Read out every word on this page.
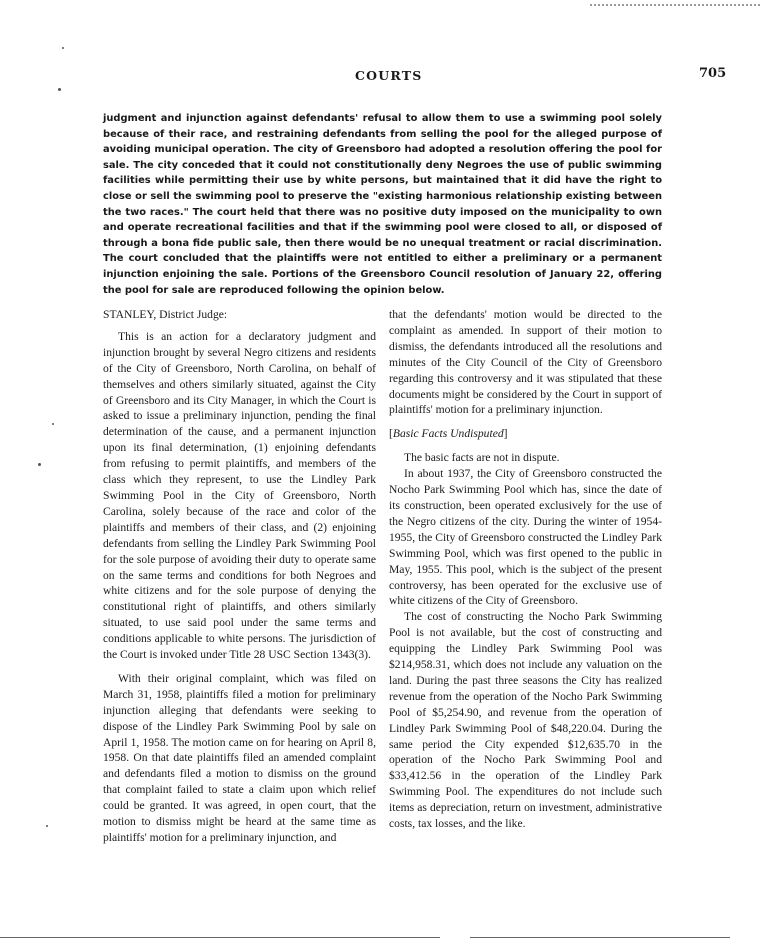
COURTS	705

judgment and injunction against defendants' refusal to allow them to use a swimming pool solely because of their race, and restraining defendants from selling the pool for the alleged purpose of avoiding municipal operation. The city of Greensboro had adopted a resolution offering the pool for sale. The city conceded that it could not constitutionally deny Negroes the use of public swimming facilities while permitting their use by white persons, but maintained that it did have the right to close or sell the swimming pool to preserve the "existing harmonious relationship existing between the two races." The court held that there was no positive duty imposed on the municipality to own and operate recreational facilities and that if the swimming pool were closed to all, or disposed of through a bona fide public sale, then there would be no unequal treatment or racial discrimination. The court concluded that the plaintiffs were not entitled to either a preliminary or a permanent injunction enjoining the sale. Portions of the Greensboro Council resolution of January 22, offering the pool for sale are reproduced following the opinion below.

STANLEY, District Judge:

This is an action for a declaratory judgment and injunction brought by several Negro citizens and residents of the City of Greensboro, North Carolina, on behalf of themselves and others similarly situated, against the City of Greensboro and its City Manager, in which the Court is asked to issue a preliminary injunction, pending the final determination of the cause, and a permanent injunction upon its final determination, (1) enjoining defendants from refusing to permit plaintiffs, and members of the class which they represent, to use the Lindley Park Swimming Pool in the City of Greensboro, North Carolina, solely because of the race and color of the plaintiffs and members of their class, and (2) enjoining defendants from selling the Lindley Park Swimming Pool for the sole purpose of avoiding their duty to operate same on the same terms and conditions for both Negroes and white citizens and for the sole purpose of denying the constitutional right of plaintiffs, and others similarly situated, to use said pool under the same terms and conditions applicable to white persons. The jurisdiction of the Court is invoked under Title 28 USC Section 1343(3).

With their original complaint, which was filed on March 31, 1958, plaintiffs filed a motion for preliminary injunction alleging that defendants were seeking to dispose of the Lindley Park Swimming Pool by sale on April 1, 1958. The motion came on for hearing on April 8, 1958. On that date plaintiffs filed an amended complaint and defendants filed a motion to dismiss on the ground that complaint failed to state a claim upon which relief could be granted. It was agreed, in open court, that the motion to dismiss might be heard at the same time as plaintiffs' motion for a preliminary injunction, and

that the defendants' motion would be directed to the complaint as amended. In support of their motion to dismiss, the defendants introduced all the resolutions and minutes of the City Council of the City of Greensboro regarding this controversy and it was stipulated that these documents might be considered by the Court in support of plaintiffs' motion for a preliminary injunction.

[Basic Facts Undisputed]

The basic facts are not in dispute.

In about 1937, the City of Greensboro constructed the Nocho Park Swimming Pool which has, since the date of its construction, been operated exclusively for the use of the Negro citizens of the city. During the winter of 1954-1955, the City of Greensboro constructed the Lindley Park Swimming Pool, which was first opened to the public in May, 1955. This pool, which is the subject of the present controversy, has been operated for the exclusive use of white citizens of the City of Greensboro.

The cost of constructing the Nocho Park Swimming Pool is not available, but the cost of constructing and equipping the Lindley Park Swimming Pool was $214,958.31, which does not include any valuation on the land. During the past three seasons the City has realized revenue from the operation of the Nocho Park Swimming Pool of $5,254.90, and revenue from the operation of Lindley Park Swimming Pool of $48,220.04. During the same period the City expended $12,635.70 in the operation of the Nocho Park Swimming Pool and $33,412.56 in the operation of the Lindley Park Swimming Pool. The expenditures do not include such items as depreciation, return on investment, administrative costs, tax losses, and the like.
